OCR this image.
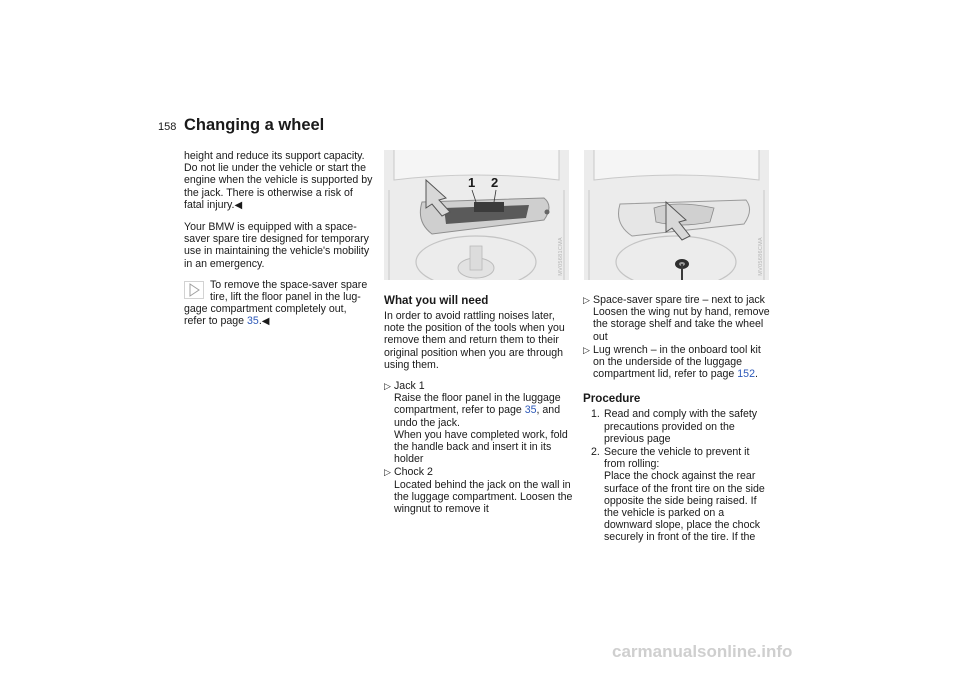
158 Changing a wheel

height and reduce its support capacity. Do not lie under the vehicle or start the engine when the vehicle is supported by the jack. There is otherwise a risk of fatal injury.◀

Your BMW is equipped with a space-saver spare tire designed for temporary use in maintaining the vehicle's mobility in an emergency.

To remove the space-saver spare
tire, lift the floor panel in the lug-
gage compartment completely out,
refer to page 35.◀
1 2
MV05681CMA	MV05686CMA
What you will need

In order to avoid rattling noises later, note the position of the tools when you remove them and return them to their original position when you are through using them.

▷ Jack 1
Raise the floor panel in the luggage compartment, refer to page 35, and undo the jack.
When you have completed work, fold the handle back and insert it in its holder
▷ Chock 2
Located behind the jack on the wall in the luggage compartment. Loosen the wingnut to remove it
▷ Space-saver spare tire – next to jack
Loosen the wing nut by hand, remove the storage shelf and take the wheel out
▷ Lug wrench – in the onboard tool kit on the underside of the luggage compartment lid, refer to page 152.
Procedure
1. Read and comply with the safety precautions provided on the previous page
2. Secure the vehicle to prevent it from rolling:
Place the chock against the rear surface of the front tire on the side opposite the side being raised. If the vehicle is parked on a downward slope, place the chock securely in front of the tire. If the
carmanualsonline.info
